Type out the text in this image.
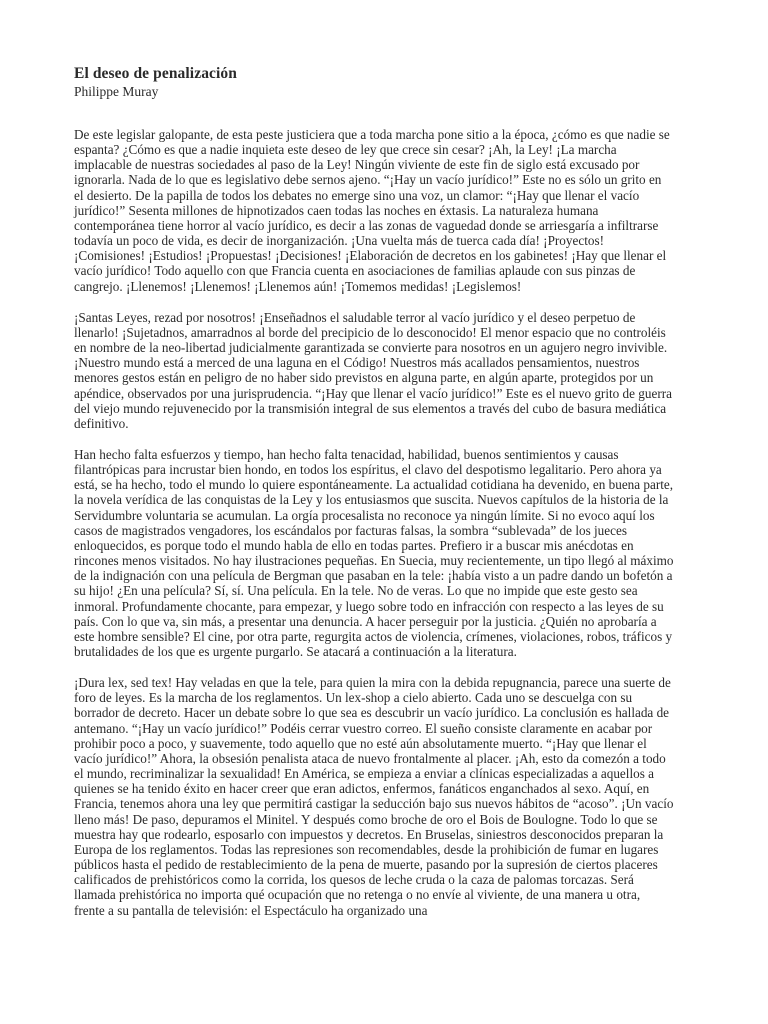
El deseo de penalización

Philippe Muray

De este legislar galopante, de esta peste justiciera que a toda marcha pone sitio a la época, ¿cómo es que nadie se espanta? ¿Cómo es que a nadie inquieta este deseo de ley que crece sin cesar? ¡Ah, la Ley! ¡La marcha implacable de nuestras sociedades al paso de la Ley! Ningún viviente de este fin de siglo está excusado por ignorarla. Nada de lo que es legislativo debe sernos ajeno. “¡Hay un vacío jurídico!” Este no es sólo un grito en el desierto. De la papilla de todos los debates no emerge sino una voz, un clamor: “¡Hay que llenar el vacío jurídico!” Sesenta millones de hipnotizados caen todas las noches en éxtasis. La naturaleza humana contemporánea tiene horror al vacío jurídico, es decir a las zonas de vaguedad donde se arriesgaría a infiltrarse todavía un poco de vida, es decir de inorganización. ¡Una vuelta más de tuerca cada día! ¡Proyectos! ¡Comisiones! ¡Estudios! ¡Propuestas! ¡Decisiones! ¡Elaboración de decretos en los gabinetes! ¡Hay que llenar el vacío jurídico! Todo aquello con que Francia cuenta en asociaciones de familias aplaude con sus pinzas de cangrejo. ¡Llenemos! ¡Llenemos! ¡Llenemos aún! ¡Tomemos medidas! ¡Legislemos!

¡Santas Leyes, rezad por nosotros! ¡Enseñadnos el saludable terror al vacío jurídico y el deseo perpetuo de llenarlo! ¡Sujetadnos, amarradnos al borde del precipicio de lo desconocido! El menor espacio que no controléis en nombre de la neo-libertad judicialmente garantizada se convierte para nosotros en un agujero negro invivible. ¡Nuestro mundo está a merced de una laguna en el Código! Nuestros más acallados pensamientos, nuestros menores gestos están en peligro de no haber sido previstos en alguna parte, en algún aparte, protegidos por un apéndice, observados por una jurisprudencia. “¡Hay que llenar el vacío jurídico!” Este es el nuevo grito de guerra del viejo mundo rejuvenecido por la transmisión integral de sus elementos a través del cubo de basura mediática definitivo.

Han hecho falta esfuerzos y tiempo, han hecho falta tenacidad, habilidad, buenos sentimientos y causas filantrópicas para incrustar bien hondo, en todos los espíritus, el clavo del despotismo legalitario. Pero ahora ya está, se ha hecho, todo el mundo lo quiere espontáneamente. La actualidad cotidiana ha devenido, en buena parte, la novela verídica de las conquistas de la Ley y los entusiasmos que suscita. Nuevos capítulos de la historia de la Servidumbre voluntaria se acumulan. La orgía procesalista no reconoce ya ningún límite. Si no evoco aquí los casos de magistrados vengadores, los escándalos por facturas falsas, la sombra “sublevada” de los jueces enloquecidos, es porque todo el mundo habla de ello en todas partes. Prefiero ir a buscar mis anécdotas en rincones menos visitados. No hay ilustraciones pequeñas. En Suecia, muy recientemente, un tipo llegó al máximo de la indignación con una película de Bergman que pasaban en la tele: ¡había visto a un padre dando un bofetón a su hijo! ¿En una película? Sí, sí. Una película. En la tele. No de veras. Lo que no impide que este gesto sea inmoral. Profundamente chocante, para empezar, y luego sobre todo en infracción con respecto a las leyes de su país. Con lo que va, sin más, a presentar una denuncia. A hacer perseguir por la justicia. ¿Quién no aprobaría a este hombre sensible? El cine, por otra parte, regurgita actos de violencia, crímenes, violaciones, robos, tráficos y brutalidades de los que es urgente purgarlo. Se atacará a continuación a la literatura.

¡Dura lex, sed tex! Hay veladas en que la tele, para quien la mira con la debida repugnancia, parece una suerte de foro de leyes. Es la marcha de los reglamentos. Un lex-shop a cielo abierto. Cada uno se descuelga con su borrador de decreto. Hacer un debate sobre lo que sea es descubrir un vacío jurídico. La conclusión es hallada de antemano. “¡Hay un vacío jurídico!” Podéis cerrar vuestro correo. El sueño consiste claramente en acabar por prohibir poco a poco, y suavemente, todo aquello que no esté aún absolutamente muerto. “¡Hay que llenar el vacío jurídico!” Ahora, la obsesión penalista ataca de nuevo frontalmente al placer. ¡Ah, esto da comezón a todo el mundo, recriminalizar la sexualidad! En América, se empieza a enviar a clínicas especializadas a aquellos a quienes se ha tenido éxito en hacer creer que eran adictos, enfermos, fanáticos enganchados al sexo. Aquí, en Francia, tenemos ahora una ley que permitirá castigar la seducción bajo sus nuevos hábitos de “acoso”. ¡Un vacío lleno más! De paso, depuramos el Minitel. Y después como broche de oro el Bois de Boulogne. Todo lo que se muestra hay que rodearlo, esposarlo con impuestos y decretos. En Bruselas, siniestros desconocidos preparan la Europa de los reglamentos. Todas las represiones son recomendables, desde la prohibición de fumar en lugares públicos hasta el pedido de restablecimiento de la pena de muerte, pasando por la supresión de ciertos placeres calificados de prehistóricos como la corrida, los quesos de leche cruda o la caza de palomas torcazas. Será llamada prehistórica no importa qué ocupación que no retenga o no envíe al viviente, de una manera u otra, frente a su pantalla de televisión: el Espectáculo ha organizado una
